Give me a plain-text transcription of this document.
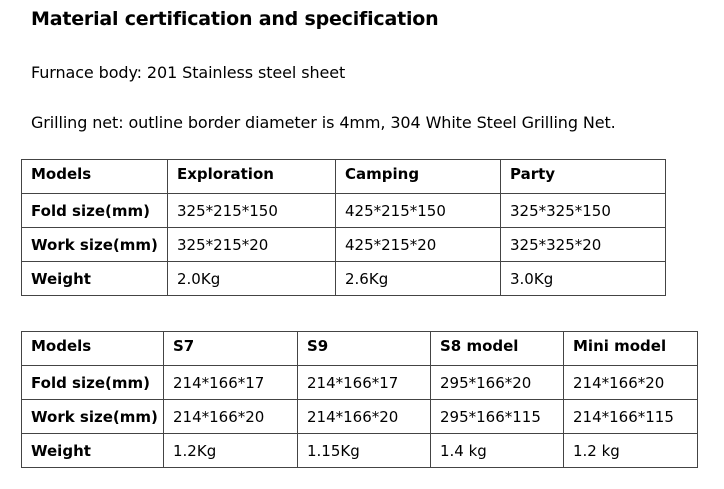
Material certification and specification
Furnace body: 201 Stainless steel sheet
Grilling net: outline border diameter is 4mm, 304 White Steel Grilling Net.
Models	Exploration	Camping	Party
Fold size(mm)	325*215*150	425*215*150	325*325*150
Work size(mm)	325*215*20	425*215*20	325*325*20
Weight	2.0Kg	2.6Kg	3.0Kg
Models	S7	S9	S8 model	Mini model
Fold size(mm)	214*166*17	214*166*17	295*166*20	214*166*20
Work size(mm)	214*166*20	214*166*20	295*166*115	214*166*115
Weight	1.2Kg	1.15Kg	1.4 kg	1.2 kg
